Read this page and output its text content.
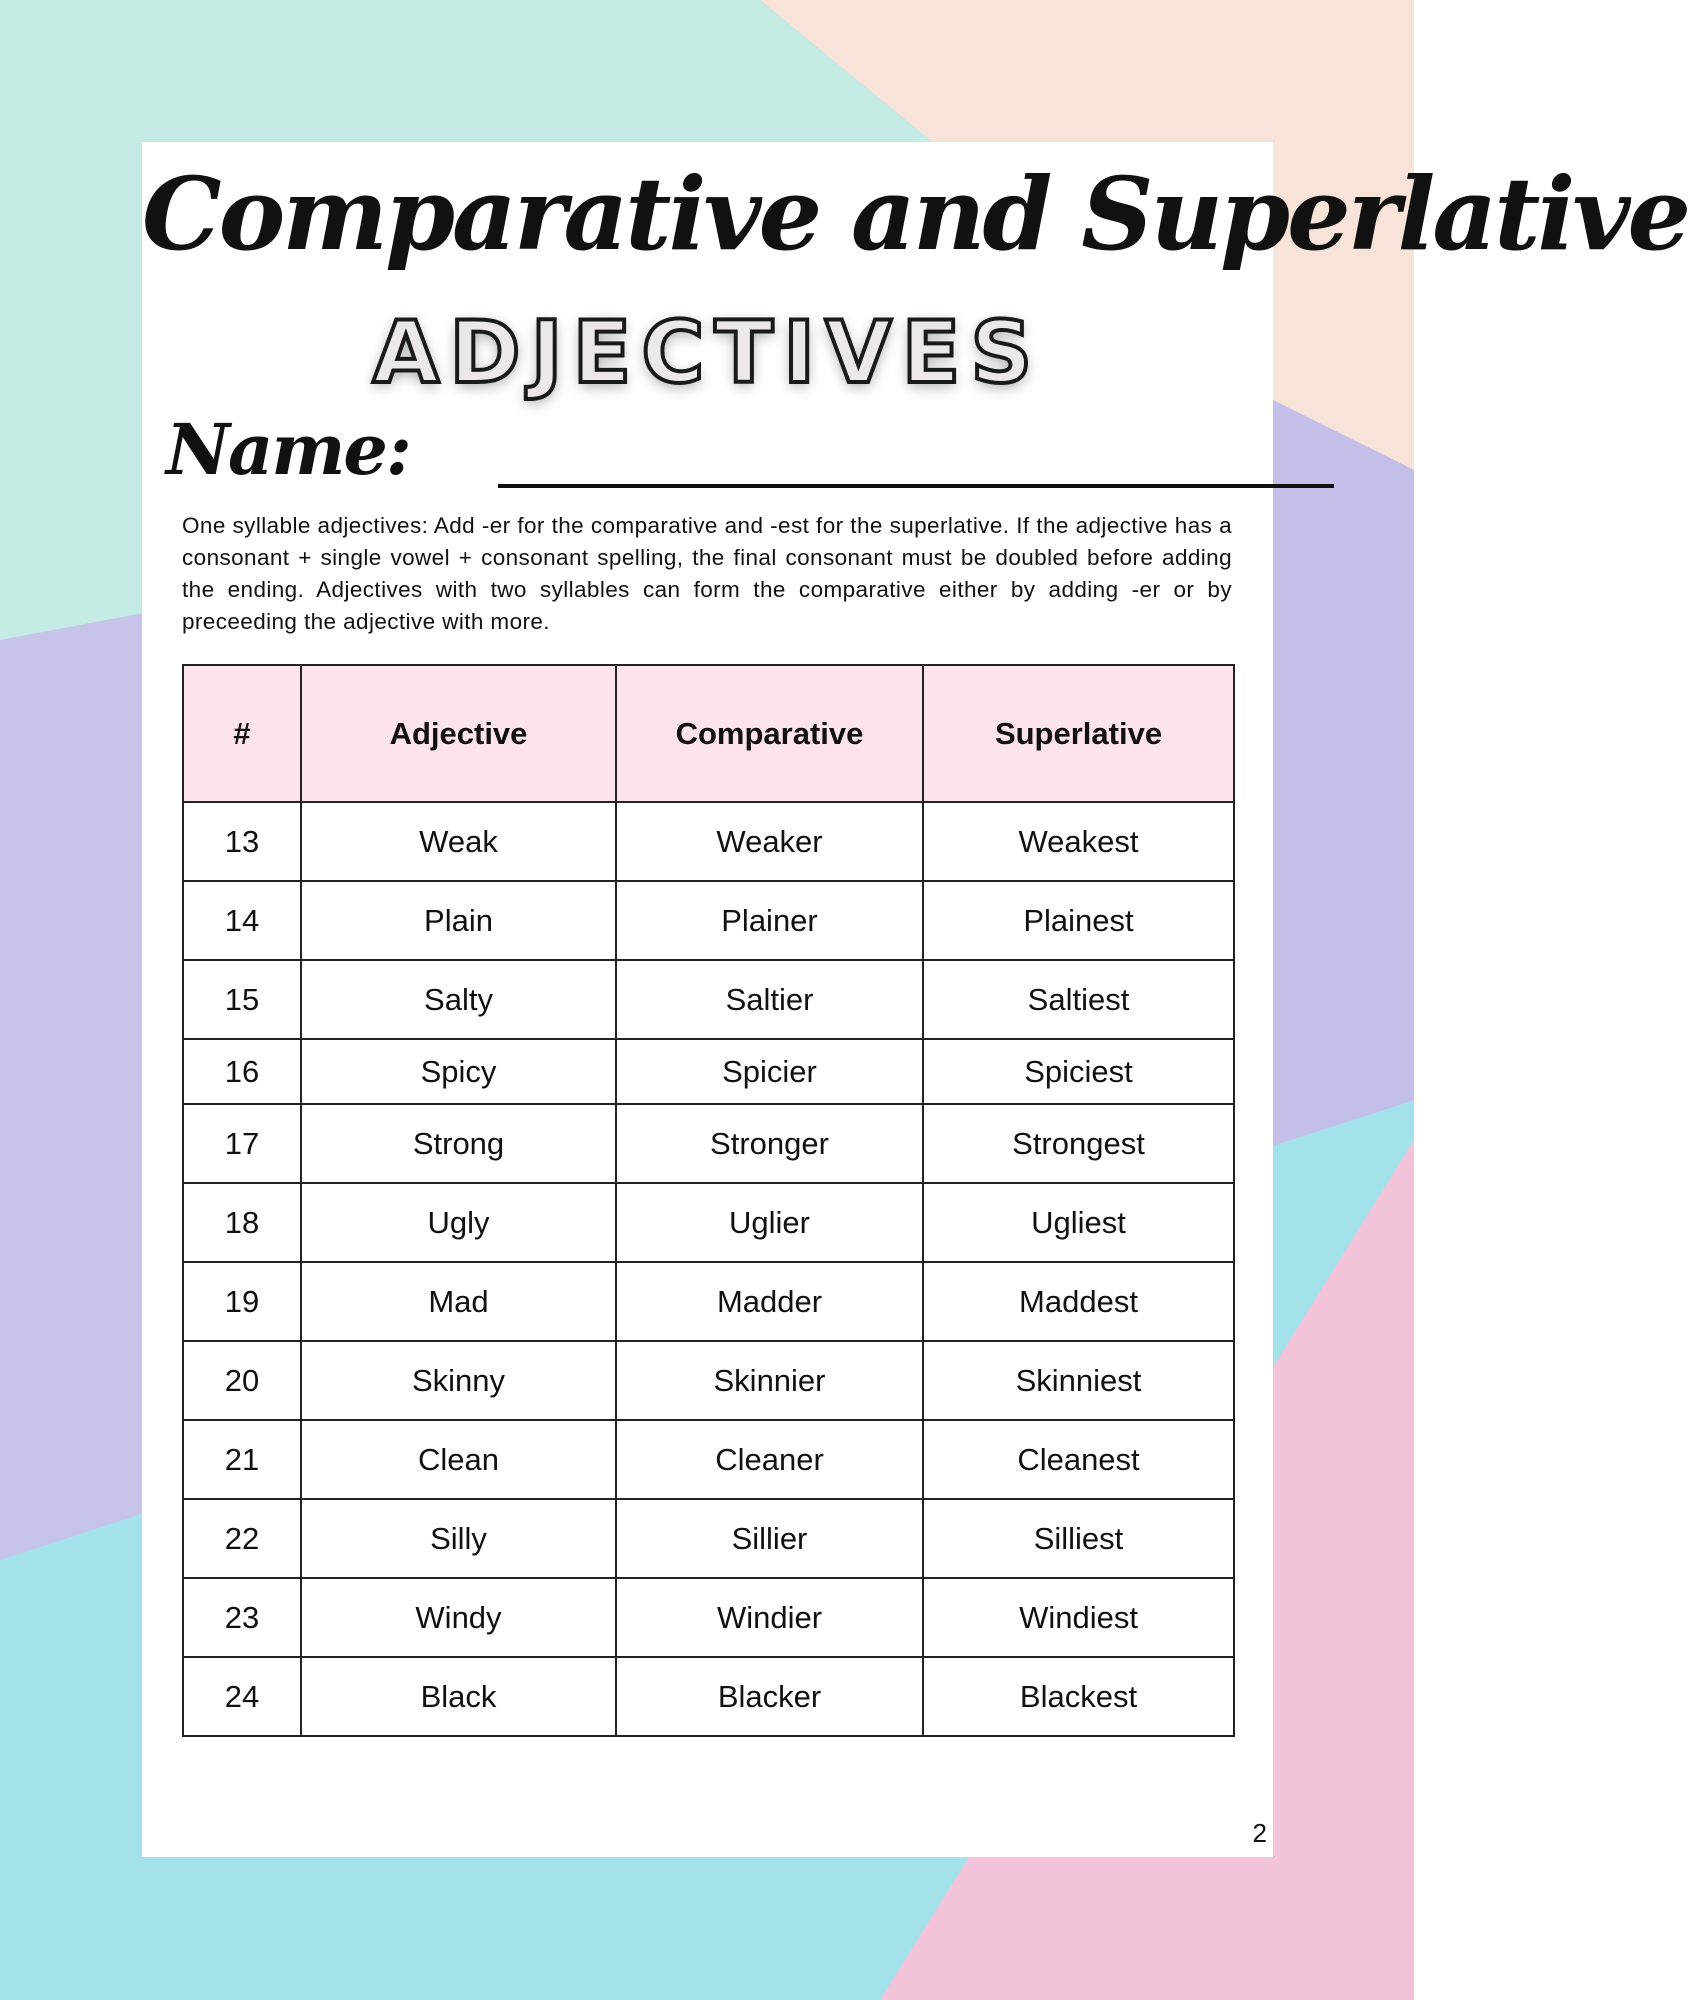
Comparative and Superlative
ADJECTIVES
Name:

One syllable adjectives: Add -er for the comparative and -est for the superlative. If the adjective has a consonant + single vowel + consonant spelling, the final consonant must be doubled before adding the ending. Adjectives with two syllables can form the comparative either by adding -er or by preceeding the adjective with more.

#	Adjective	Comparative	Superlative
13	Weak	Weaker	Weakest
14	Plain	Plainer	Plainest
15	Salty	Saltier	Saltiest
16	Spicy	Spicier	Spiciest
17	Strong	Stronger	Strongest
18	Ugly	Uglier	Ugliest
19	Mad	Madder	Maddest
20	Skinny	Skinnier	Skinniest
21	Clean	Cleaner	Cleanest
22	Silly	Sillier	Silliest
23	Windy	Windier	Windiest
24	Black	Blacker	Blackest
2
